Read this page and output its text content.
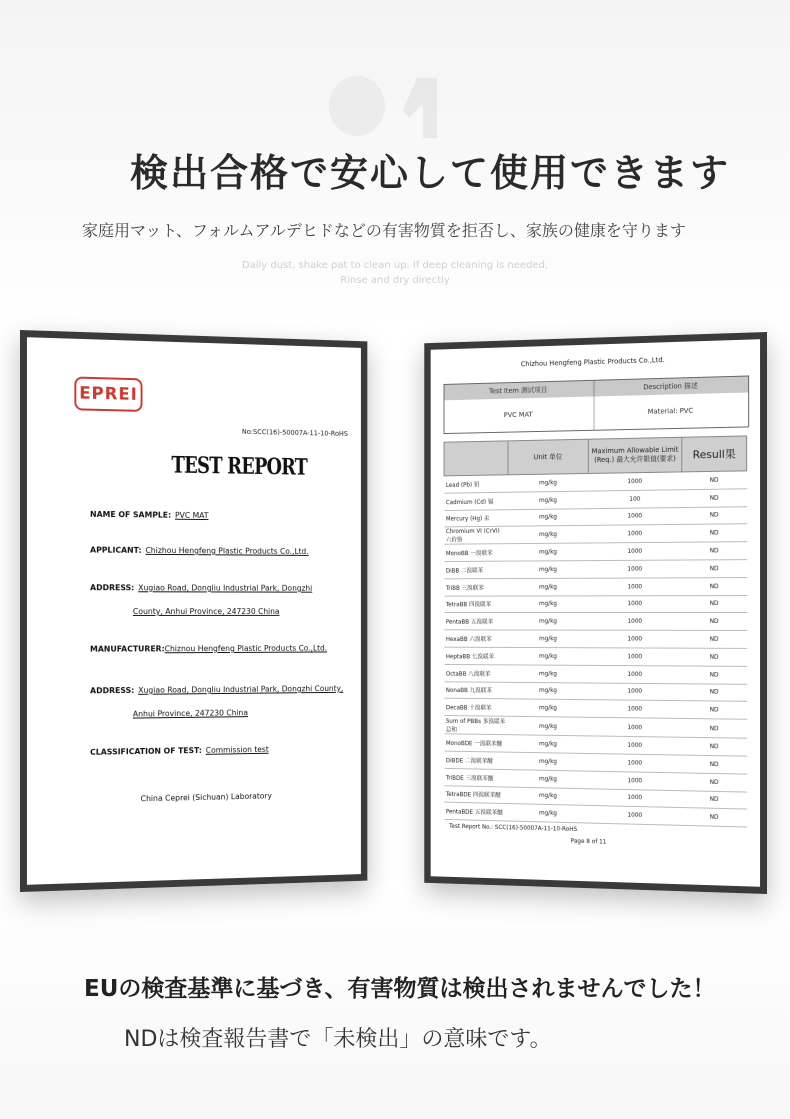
検出合格で安心して使用できます
家庭用マット、フォルムアルデヒドなどの有害物質を拒否し、家族の健康を守ります
Daily dust, shake pat to clean up. If deep cleaning is needed,
Rinse and dry directly
EPREI
No:SCC(16)-50007A-11-10-RoHS
TEST REPORT
NAME OF SAMPLE: PVC MAT
APPLICANT: Chizhou Hengfeng Plastic Products Co.,Ltd.
ADDRESS: Xugiao Road, Dongliu Industrial Park, Dongzhi
County, Anhui Province, 247230 China
MANUFACTURER:Chiznou Hengfeng Plastic Products Co.,Ltd.
ADDRESS: Xugiao Road, Dongliu Industrial Park, Dongzhi County,
Anhui Province, 247230 China
CLASSIFICATION OF TEST: Commission test
China Ceprei (Sichuan) Laboratory
Chizhou Hengfeng Plastic Products Co.,Ltd.
Test Item 测试项目	Description 描述
PVC MAT	Material: PVC
	Unit 单位	Maximum Allowable Limit (Req.) 最大允许限值(要求)	Resull果
Lead (Pb) 铅	mg/kg	1000	ND
Cadmium (Cd) 镉	mg/kg	100	ND
Mercury (Hg) 汞	mg/kg	1000	ND
Chromium VI (CrVI) 六价铬	mg/kg	1000	ND
MonoBB 一溴联苯	mg/kg	1000	ND
DiBB 二溴联苯	mg/kg	1000	ND
TriBB 三溴联苯	mg/kg	1000	ND
TetraBB 四溴联苯	mg/kg	1000	ND
PentaBB 五溴联苯	mg/kg	1000	ND
HexaBB 六溴联苯	mg/kg	1000	ND
HeptaBB 七溴联苯	mg/kg	1000	ND
OctaBB 八溴联苯	mg/kg	1000	ND
NonaBB 九溴联苯	mg/kg	1000	ND
DecaBB 十溴联苯	mg/kg	1000	ND
Sum of PBBs 多溴联苯总和	mg/kg	1000	ND
MonoBDE 一溴联苯醚	mg/kg	1000	ND
DiBDE 二溴联苯醚	mg/kg	1000	ND
TriBDE 三溴联苯醚	mg/kg	1000	ND
TetraBDE 四溴联苯醚	mg/kg	1000	ND
PentaBDE 五溴联苯醚	mg/kg	1000	ND
Test Report No.: SCC(16)-50007A-11-10-RoHS
Page 8 of 11
EUの検査基準に基づき、有害物質は検出されませんでした！
NDは検査報告書で「未検出」の意味です。
